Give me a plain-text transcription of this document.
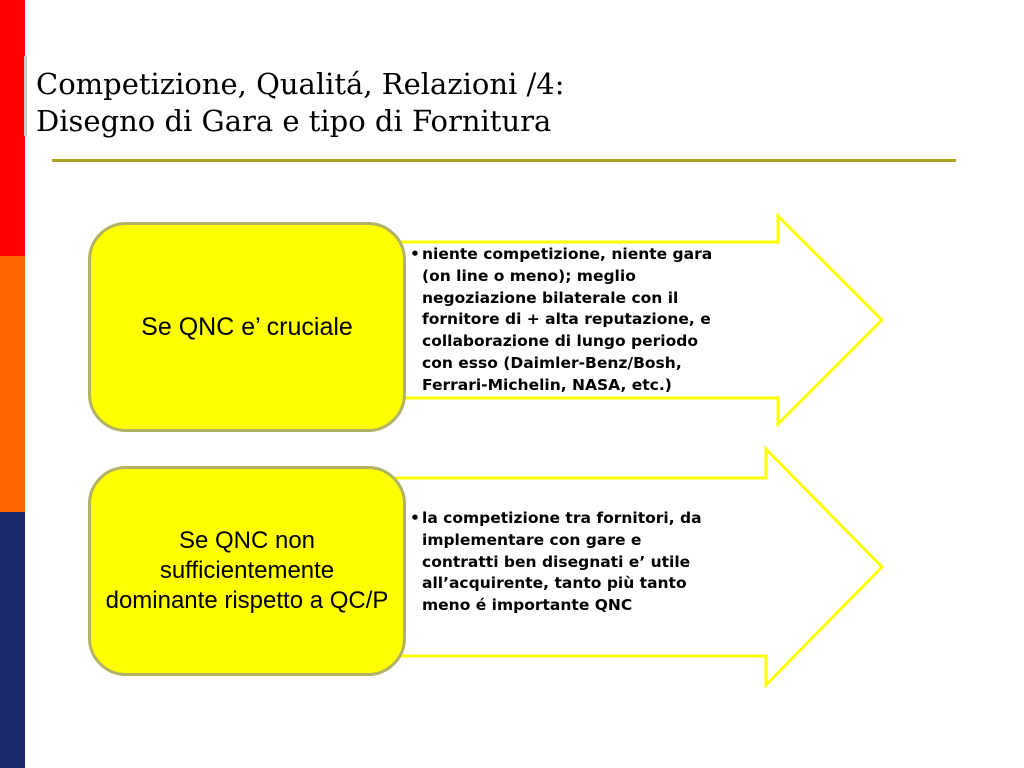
Competizione, Qualitá, Relazioni /4:
Disegno di Gara e tipo di Fornitura
Se QNC e’ cruciale
• niente competizione, niente gara
(on line o meno); meglio
negoziazione bilaterale con il
fornitore di + alta reputazione, e
collaborazione di lungo periodo
con esso (Daimler-Benz/Bosh,
Ferrari-Michelin, NASA, etc.)
Se QNC non sufficientemente dominante rispetto a QC/P
• la competizione tra fornitori, da
implementare con gare e
contratti ben disegnati e’ utile
all’acquirente, tanto più tanto
meno é importante QNC
